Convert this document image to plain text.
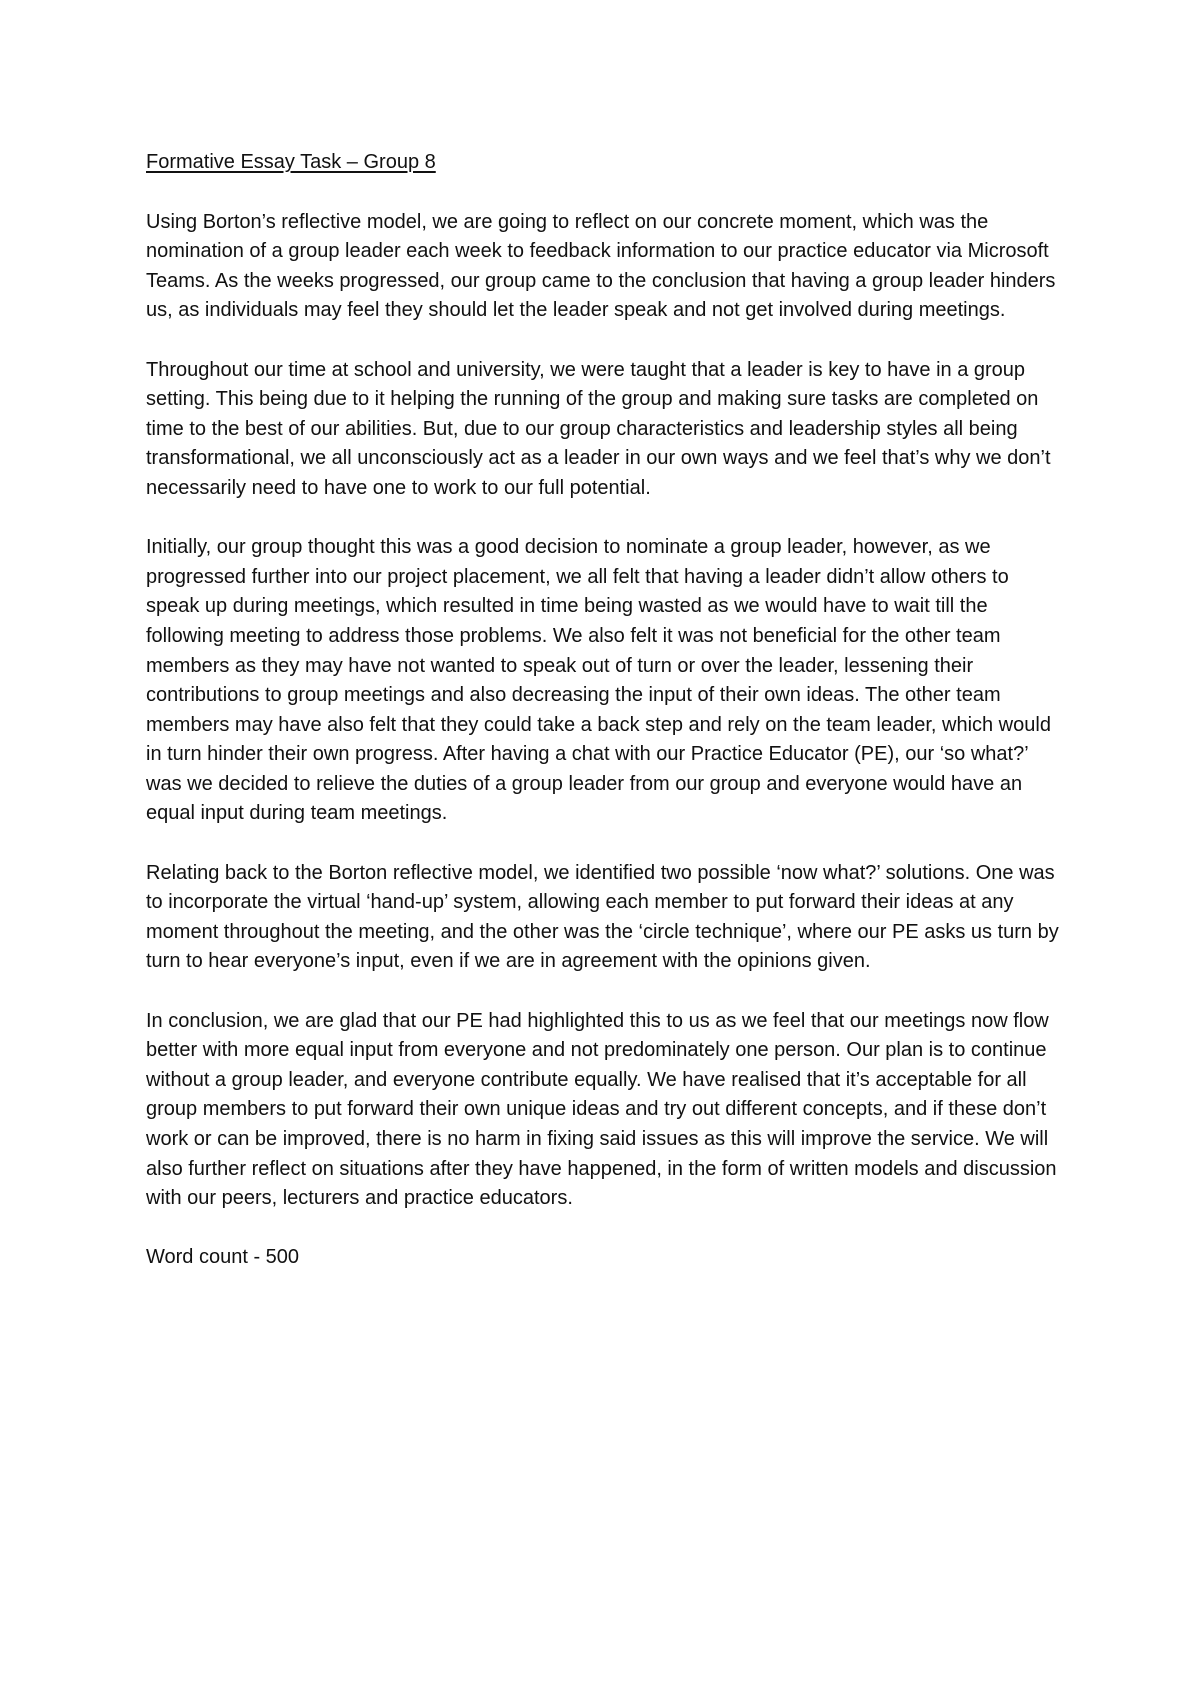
Formative Essay Task – Group 8

Using Borton’s reflective model, we are going to reflect on our concrete moment, which was the nomination of a group leader each week to feedback information to our practice educator via Microsoft Teams. As the weeks progressed, our group came to the conclusion that having a group leader hinders us, as individuals may feel they should let the leader speak and not get involved during meetings.

Throughout our time at school and university, we were taught that a leader is key to have in a group setting. This being due to it helping the running of the group and making sure tasks are completed on time to the best of our abilities. But, due to our group characteristics and leadership styles all being transformational, we all unconsciously act as a leader in our own ways and we feel that’s why we don’t necessarily need to have one to work to our full potential.

Initially, our group thought this was a good decision to nominate a group leader, however, as we progressed further into our project placement, we all felt that having a leader didn’t allow others to speak up during meetings, which resulted in time being wasted as we would have to wait till the following meeting to address those problems. We also felt it was not beneficial for the other team members as they may have not wanted to speak out of turn or over the leader, lessening their contributions to group meetings and also decreasing the input of their own ideas. The other team members may have also felt that they could take a back step and rely on the team leader, which would in turn hinder their own progress. After having a chat with our Practice Educator (PE), our ‘so what?’ was we decided to relieve the duties of a group leader from our group and everyone would have an equal input during team meetings.

Relating back to the Borton reflective model, we identified two possible ‘now what?’ solutions. One was to incorporate the virtual ‘hand-up’ system, allowing each member to put forward their ideas at any moment throughout the meeting, and the other was the ‘circle technique’, where our PE asks us turn by turn to hear everyone’s input, even if we are in agreement with the opinions given.

In conclusion, we are glad that our PE had highlighted this to us as we feel that our meetings now flow better with more equal input from everyone and not predominately one person. Our plan is to continue without a group leader, and everyone contribute equally. We have realised that it’s acceptable for all group members to put forward their own unique ideas and try out different concepts, and if these don’t work or can be improved, there is no harm in fixing said issues as this will improve the service. We will also further reflect on situations after they have happened, in the form of written models and discussion with our peers, lecturers and practice educators.

Word count - 500
